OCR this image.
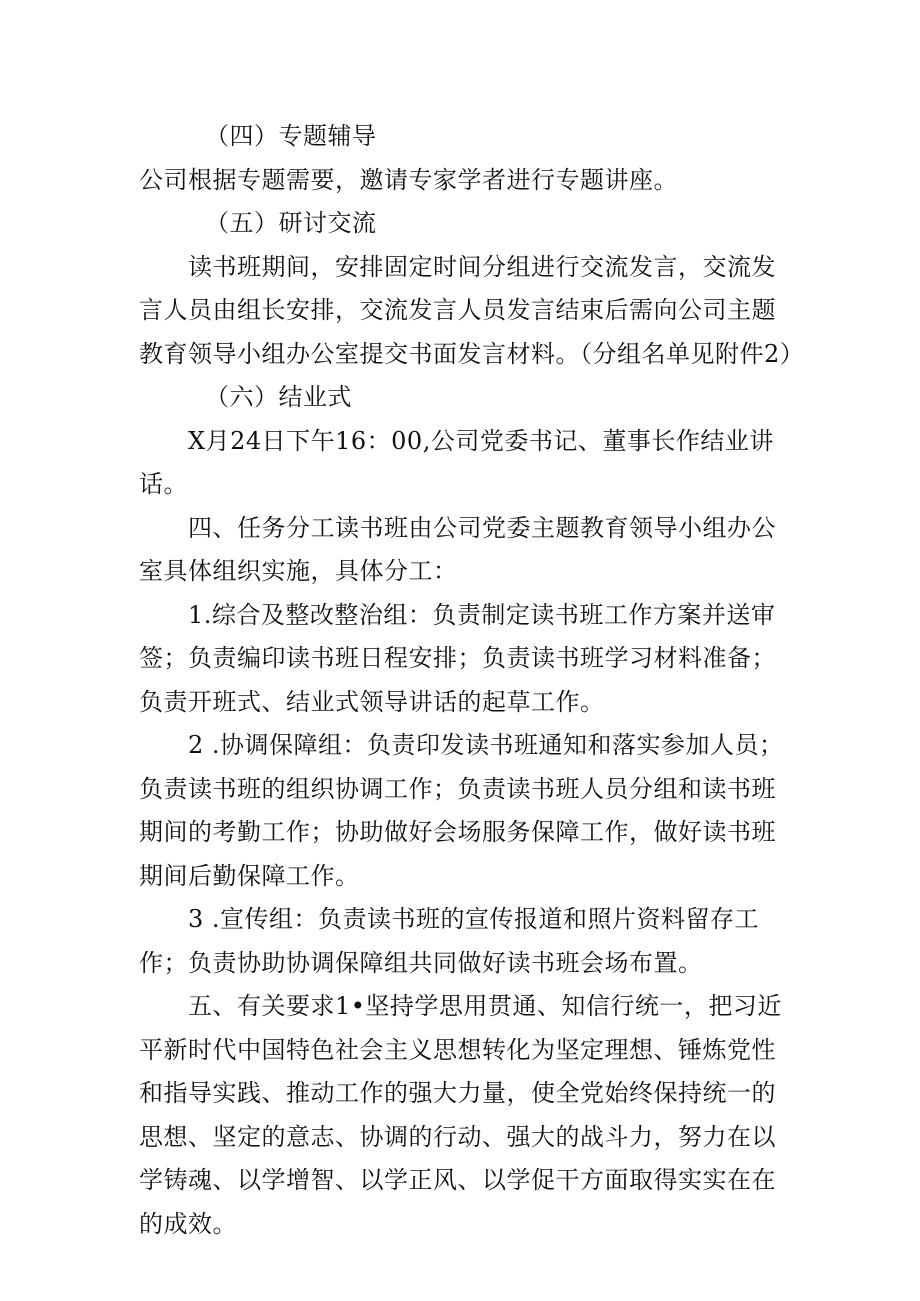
（四）专题辅导

公司根据专题需要，邀请专家学者进行专题讲座。

（五）研讨交流

读书班期间，安排固定时间分组进行交流发言，交流发言人员由组长安排，交流发言人员发言结束后需向公司主题教育领导小组办公室提交书面发言材料。（分组名单见附件2）

（六）结业式

X月24日下午16：00,公司党委书记、董事长作结业讲话。

四、任务分工读书班由公司党委主题教育领导小组办公室具体组织实施，具体分工：

1.综合及整改整治组：负责制定读书班工作方案并送审签；负责编印读书班日程安排；负责读书班学习材料准备；负责开班式、结业式领导讲话的起草工作。

2 .协调保障组：负责印发读书班通知和落实参加人员；负责读书班的组织协调工作；负责读书班人员分组和读书班期间的考勤工作；协助做好会场服务保障工作，做好读书班期间后勤保障工作。

3 .宣传组：负责读书班的宣传报道和照片资料留存工作；负责协助协调保障组共同做好读书班会场布置。

五、有关要求1•坚持学思用贯通、知信行统一，把习近平新时代中国特色社会主义思想转化为坚定理想、锤炼党性和指导实践、推动工作的强大力量，使全党始终保持统一的思想、坚定的意志、协调的行动、强大的战斗力，努力在以学铸魂、以学增智、以学正风、以学促干方面取得实实在在的成效。
